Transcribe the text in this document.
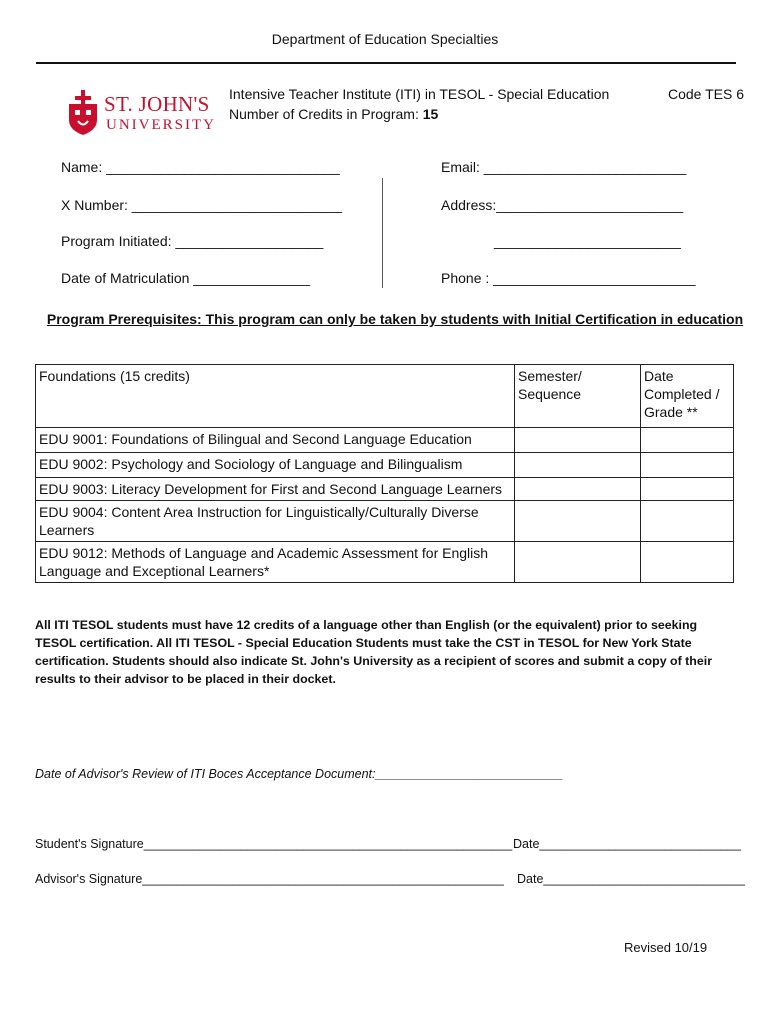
Department of Education Specialties
ST. JOHN'S
UNIVERSITY
Intensive Teacher Institute (ITI) in TESOL - Special Education
Number of Credits in Program: 15
Code TES 6
Name: ______________________________
X Number: ___________________________
Program Initiated: ___________________
Date of Matriculation _______________
Email: __________________________
Address:________________________
________________________
Phone : __________________________
Program Prerequisites: This program can only be taken by students with Initial Certification in education
Foundations (15 credits)	Semester/ Sequence	Date Completed / Grade **
EDU 9001: Foundations of Bilingual and Second Language Education		
EDU 9002: Psychology and Sociology of Language and Bilingualism		
EDU 9003: Literacy Development for First and Second Language Learners		
EDU 9004: Content Area Instruction for Linguistically/Culturally Diverse Learners		
EDU 9012: Methods of Language and Academic Assessment for English Language and Exceptional Learners*		
All ITI TESOL students must have 12 credits of a language other than English (or the equivalent) prior to seeking TESOL certification. All ITI TESOL - Special Education Students must take the CST in TESOL for New York State certification. Students should also indicate St. John's University as a recipient of scores and submit a copy of their results to their advisor to be placed in their docket.
Date of Advisor's Review of ITI Boces Acceptance Document:___________________________
Student's Signature_____________________________________________________ Date_____________________________
Advisor's Signature____________________________________________________ Date_____________________________
Revised 10/19
